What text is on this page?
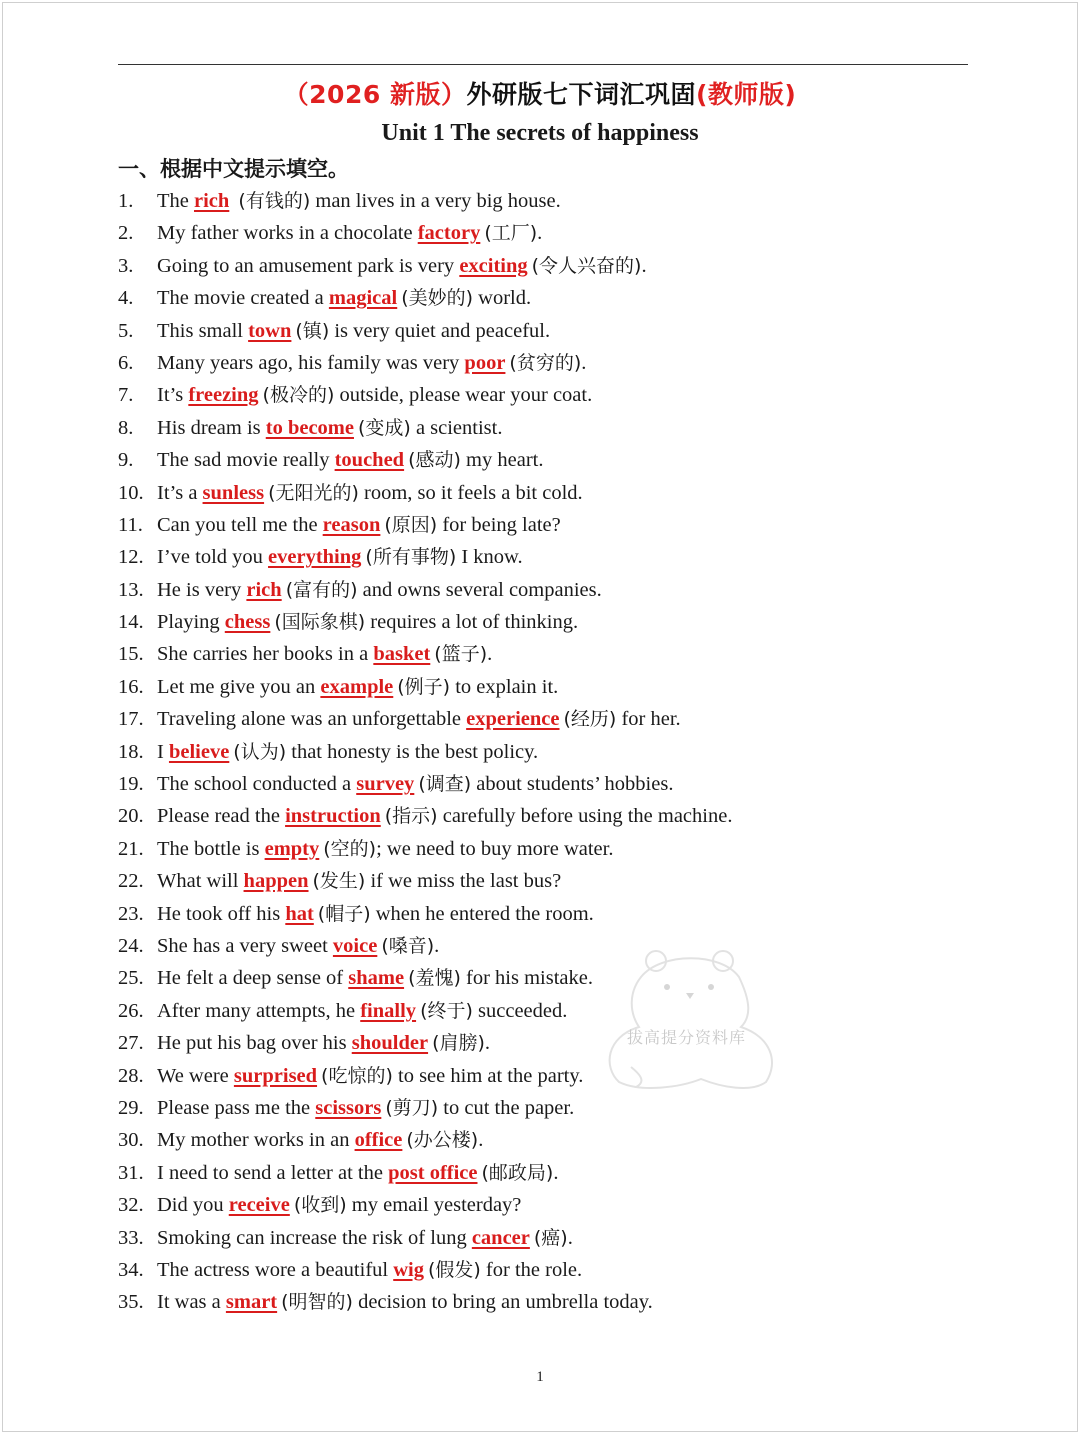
（2026 新版）外研版七下词汇巩固(教师版)
Unit 1 The secrets of happiness
一、根据中文提示填空。
1.	The rich
(有钱的) man lives in a very big house.
2.	My father works in a chocolate factory (工厂) .
3.	Going to an amusement park is very exciting (令人兴奋的) .
4.	The movie created a magical (美妙的) world.
5.	This small town (镇) is very quiet and peaceful.
6.	Many years ago, his family was very poor (贫穷的) .
7.	It’s freezing (极冷的) outside, please wear your coat.
8.	His dream is to become (变成) a scientist.
9.	The sad movie really touched (感动) my heart.
10. It’s a sunless (无阳光的) room, so it feels a bit cold.
11. Can you tell me the reason (原因) for being late?
12. I’ve told you everything (所有事物) I know.
13. He is very rich (富有的) and owns several companies.
14. Playing chess (国际象棋) requires a lot of thinking.
15. She carries her books in a basket (篮子) .
16. Let me give you an example (例子) to explain it.
17. Traveling alone was an unforgettable experience (经历) for her.
18. I believe (认为) that honesty is the best policy.
19. The school conducted a survey (调查) about students’ hobbies.
20. Please read the instruction (指示) carefully before using the machine.
21. The bottle is empty (空的) ; we need to buy more water.
22. What will happen (发生) if we miss the last bus?
23. He took off his hat (帽子) when he entered the room.
24. She has a very sweet voice (嗓音) .
25. He felt a deep sense of shame (羞愧) for his mistake.
26. After many attempts, he finally (终于) succeeded.
27. He put his bag over his shoulder (肩膀) .
28. We were surprised (吃惊的) to see him at the party.
29. Please pass me the scissors (剪刀) to cut the paper.
30. My mother works in an office (办公楼) .
31. I need to send a letter at the post office (邮政局) .
32. Did you receive (收到) my email yesterday?
33. Smoking can increase the risk of lung cancer (癌) .
34. The actress wore a beautiful wig (假发) for the role.
35. It was a smart (明智的) decision to bring an umbrella today.
拔高提分资料库
1
